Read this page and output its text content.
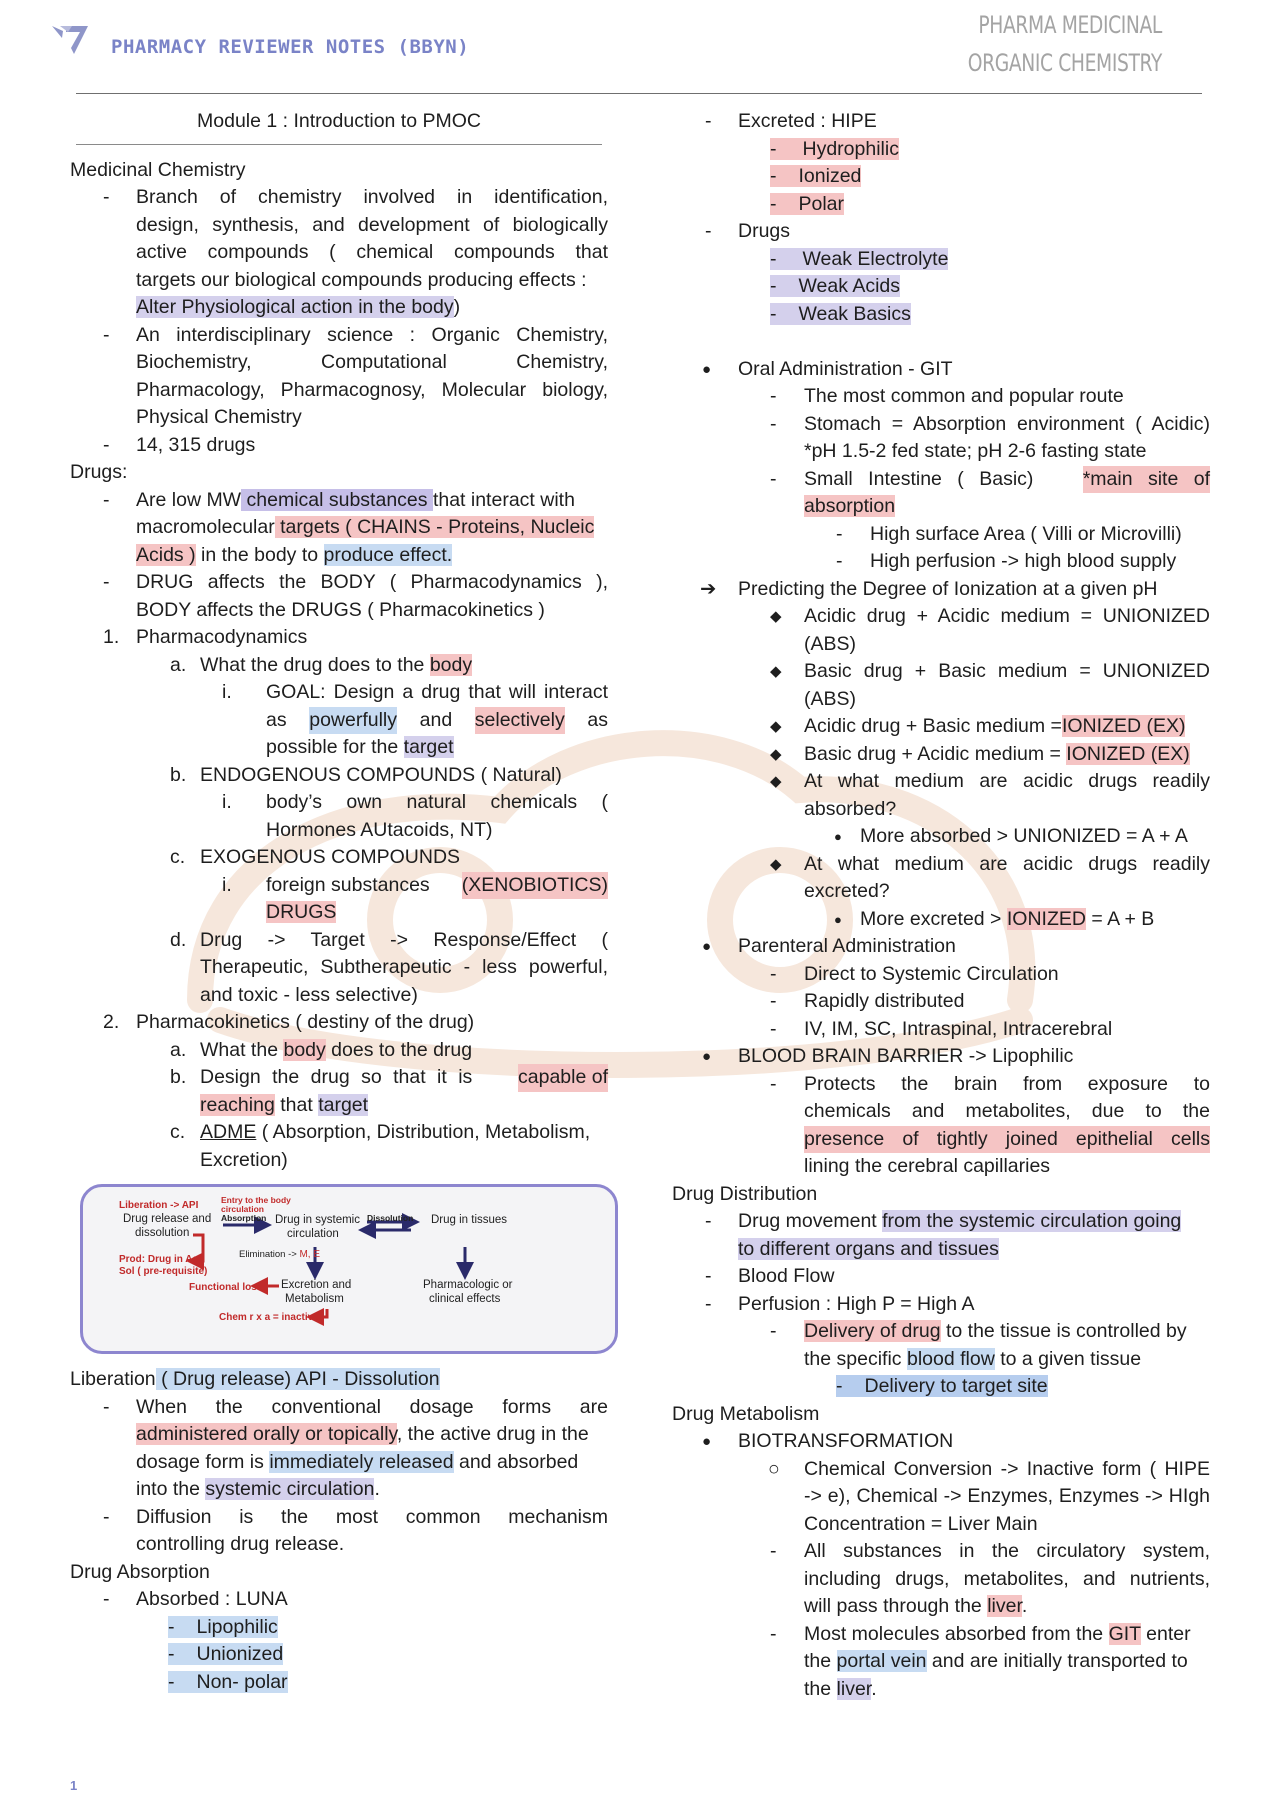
PHARMACY REVIEWER NOTES (BBYN)
PHARMA MEDICINAL
ORGANIC CHEMISTRY
Module 1 : Introduction to PMOC
Medicinal Chemistry
- Branch of chemistry involved in identification,
design, synthesis, and development of biologically
active compounds ( chemical compounds that
targets our biological compounds producing effects :
Alter Physiological action in the body)
- An interdisciplinary science : Organic Chemistry,
Biochemistry, Computational Chemistry,
Pharmacology, Pharmacognosy, Molecular biology,
Physical Chemistry
- 14, 315 drugs
Drugs:
- Are low MW chemical substances that interact with
macromolecular targets ( CHAINS - Proteins, Nucleic
Acids ) in the body to produce effect.
- DRUG affects the BODY ( Pharmacodynamics ),
BODY affects the DRUGS ( Pharmacokinetics )
1. Pharmacodynamics
a. What the drug does to the body
i. GOAL: Design a drug that will interact
as powerfully and selectively as
possible for the target
b. ENDOGENOUS COMPOUNDS ( Natural)
i. body’s own natural chemicals (
Hormones AUtacoids, NT)
c. EXOGENOUS COMPOUNDS
i. foreign substances (XENOBIOTICS)
DRUGS
d. Drug -> Target -> Response/Effect (
Therapeutic, Subtherapeutic - less powerful,
and toxic - less selective)
2. Pharmacokinetics ( destiny of the drug)
a. What the body does to the drug
b. Design the drug so that it is capable of
reaching that target
c. ADME ( Absorption, Distribution, Metabolism,
Excretion)
Liberation -> API
Drug release and
dissolution
Entry to the body
circulation
Absorption Drug in systemic
circulation
Dissolution Drug in tissues
Prod: Drug in Aq.
Sol ( pre-requisite)
Elimination -> M, E
Functional loss Excretion and
Metabolism
Pharmacologic or
clinical effects
Chem r x a = inactive
Liberation ( Drug release) API - Dissolution
- When the conventional dosage forms are
administered orally or topically, the active drug in the
dosage form is immediately released and absorbed
into the systemic circulation.
- Diffusion is the most common mechanism
controlling drug release.
Drug Absorption
- Absorbed : LUNA
- Lipophilic
- Unionized
- Non- polar
- Excreted : HIPE
- Hydrophilic
- Ionized
- Polar
- Drugs
- Weak Electrolyte
- Weak Acids
- Weak Basics
● Oral Administration - GIT
- The most common and popular route
- Stomach = Absorption environment ( Acidic)
*pH 1.5-2 fed state; pH 2-6 fasting state
- Small Intestine ( Basic) *main site of
absorption
- High surface Area ( Villi or Microvilli)
- High perfusion -> high blood supply
➔ Predicting the Degree of Ionization at a given pH
◆ Acidic drug + Acidic medium = UNIONIZED
(ABS)
◆ Basic drug + Basic medium = UNIONIZED
(ABS)
◆ Acidic drug + Basic medium =IONIZED (EX)
◆ Basic drug + Acidic medium = IONIZED (EX)
◆ At what medium are acidic drugs readily
absorbed?
● More absorbed > UNIONIZED = A + A
◆ At what medium are acidic drugs readily
excreted?
● More excreted > IONIZED = A + B
● Parenteral Administration
- Direct to Systemic Circulation
- Rapidly distributed
- IV, IM, SC, Intraspinal, Intracerebral
● BLOOD BRAIN BARRIER -> Lipophilic
- Protects the brain from exposure to
chemicals and metabolites, due to the
presence of tightly joined epithelial cells
lining the cerebral capillaries
Drug Distribution
- Drug movement from the systemic circulation going
to different organs and tissues
- Blood Flow
- Perfusion : High P = High A
- Delivery of drug to the tissue is controlled by
the specific blood flow to a given tissue
- Delivery to target site
Drug Metabolism
● BIOTRANSFORMATION
○ Chemical Conversion -> Inactive form ( HIPE
-> e), Chemical -> Enzymes, Enzymes -> HIgh
Concentration = Liver Main
- All substances in the circulatory system,
including drugs, metabolites, and nutrients,
will pass through the liver.
- Most molecules absorbed from the GIT enter
the portal vein and are initially transported to
the liver.
1
